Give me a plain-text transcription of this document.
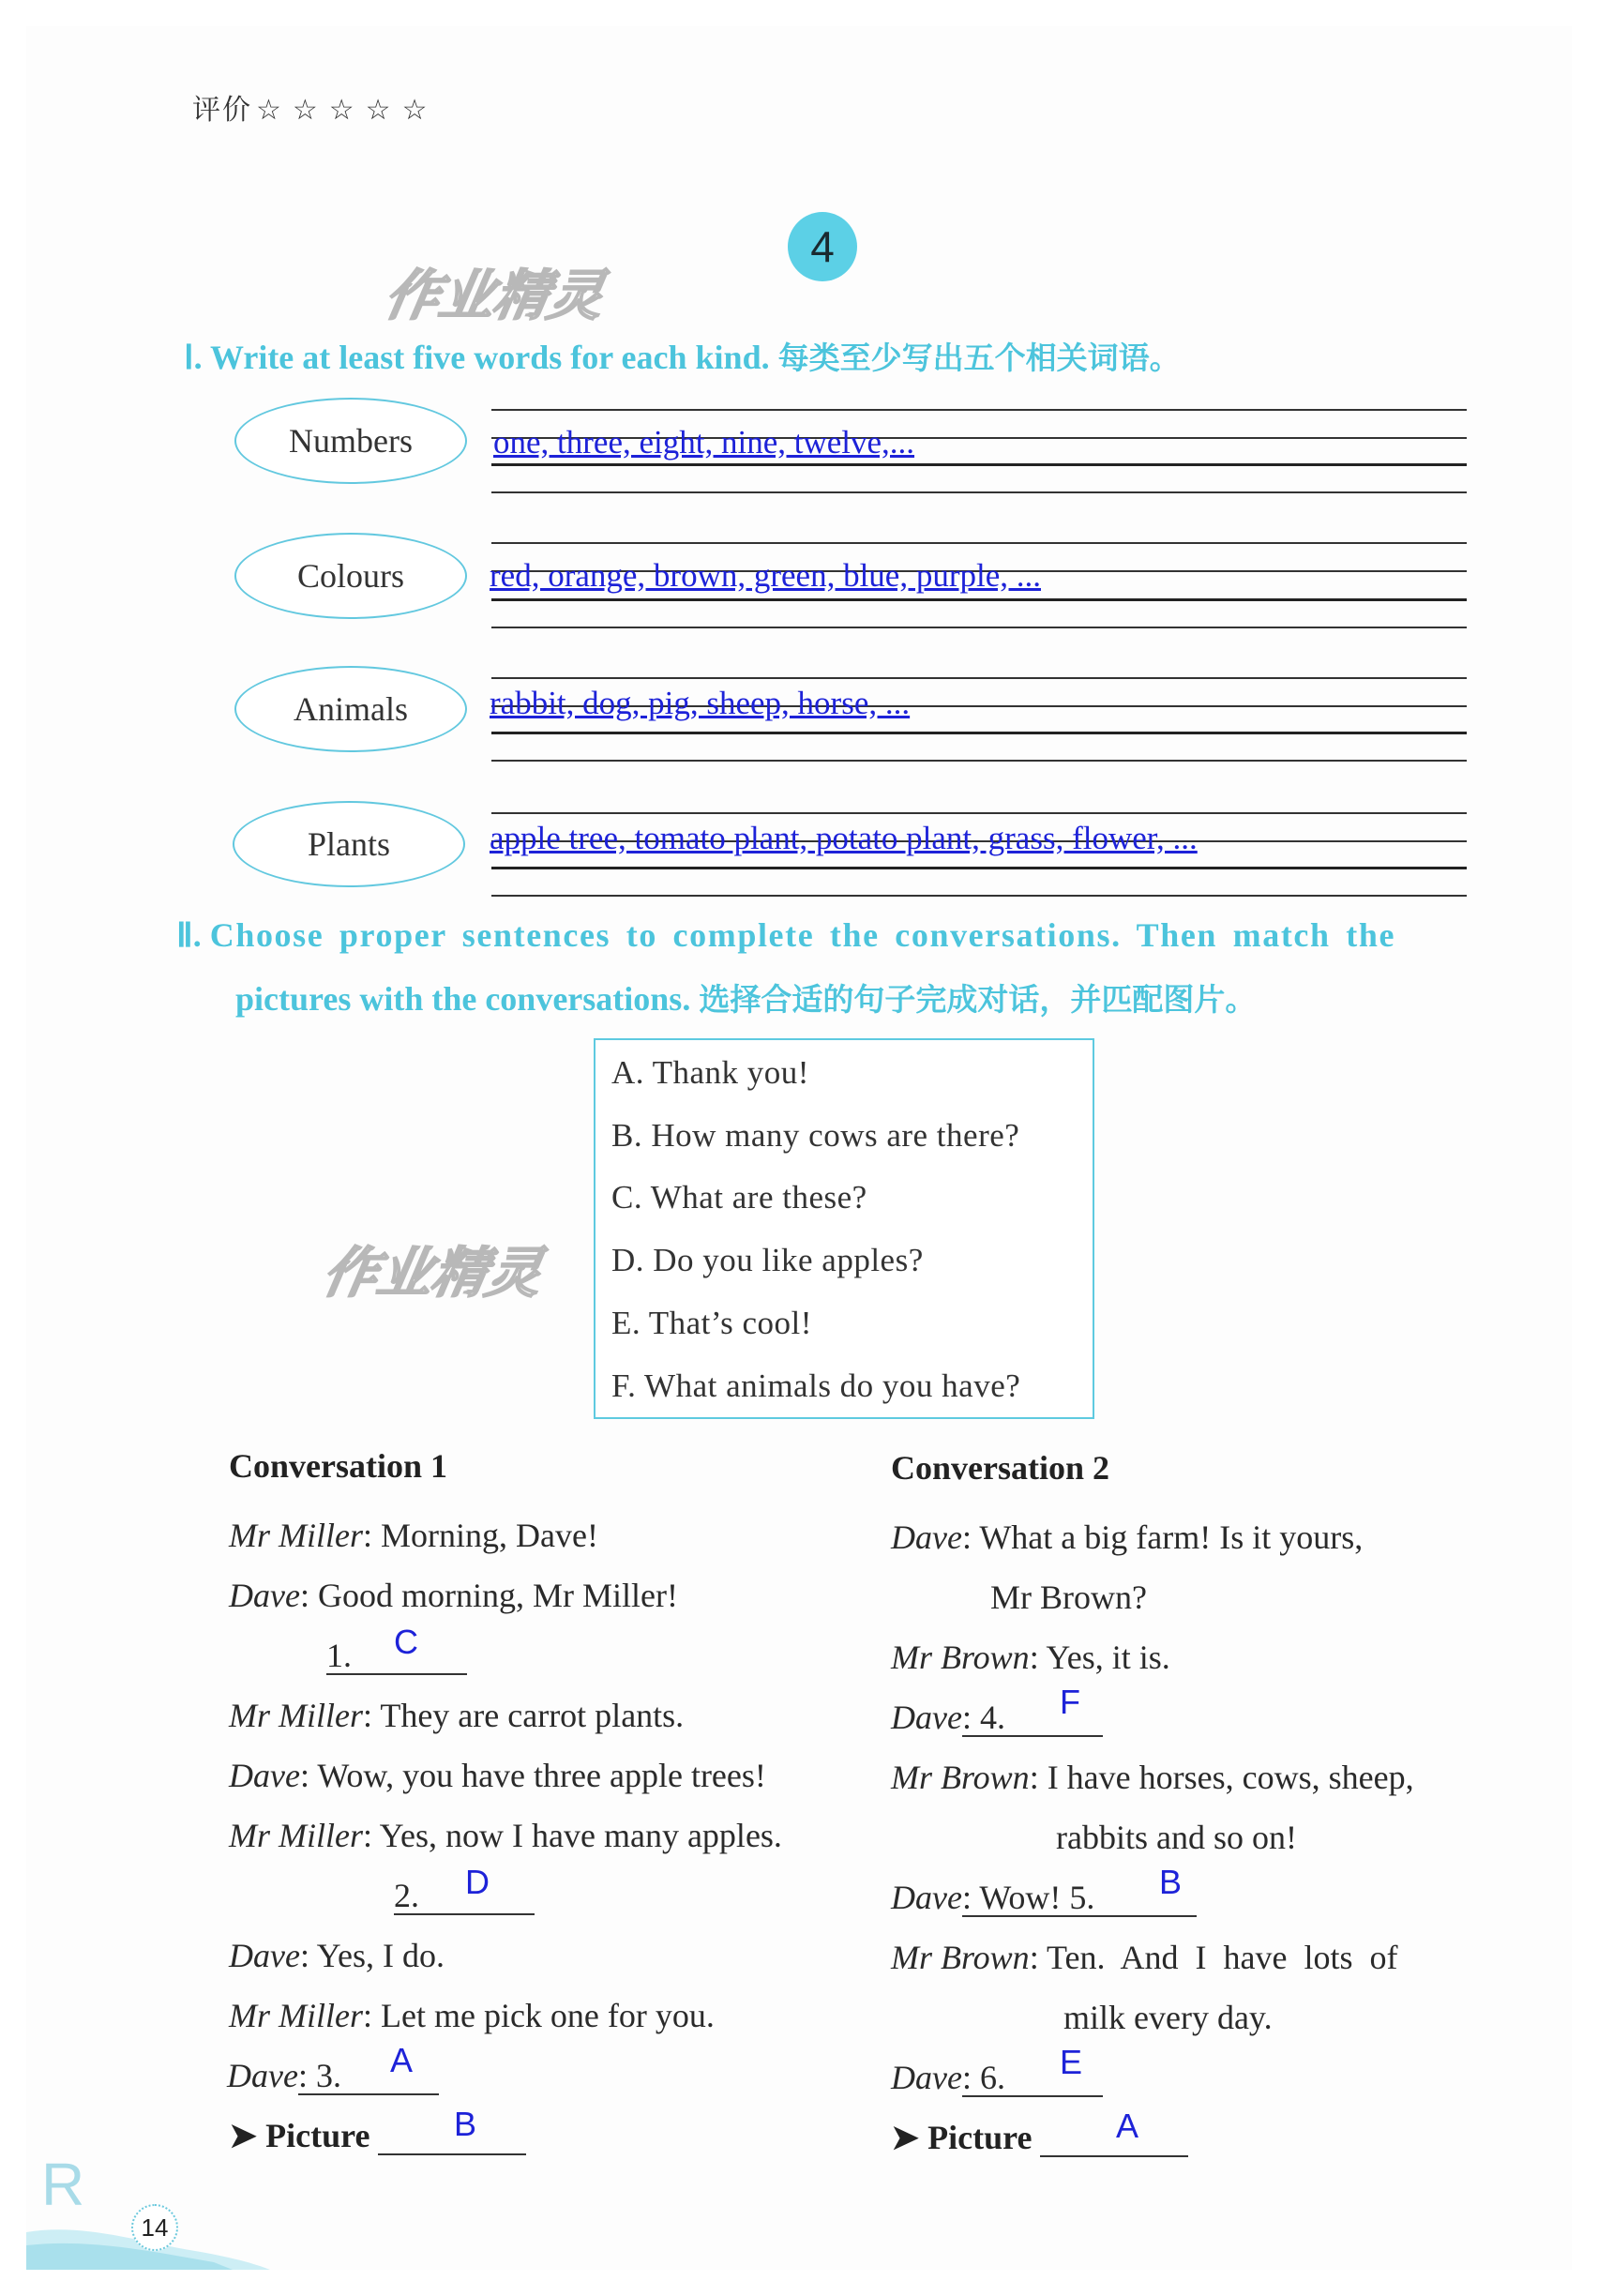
评价 ☆☆☆☆☆
4
作业精灵
作业精灵
Ⅰ. Write at least five words for each kind. 每类至少写出五个相关词语。
Numbers	one, three, eight, nine, twelve,...
Colours	red, orange, brown, green, blue, purple, ...
Animals	rabbit, dog, pig, sheep, horse, ...
Plants	apple tree, tomato plant, potato plant, grass, flower, ...
Ⅱ. Choose proper sentences to complete the conversations. Then match the
pictures with the conversations. 选择合适的句子完成对话，并匹配图片。
A. Thank you!
B. How many cows are there?
C. What are these?
D. Do you like apples?
E. That’s cool!
F. What animals do you have?
Conversation 1
Mr Miller: Morning, Dave!
Dave: Good morning, Mr Miller!
1.	C
Mr Miller: They are carrot plants.
Dave: Wow, you have three apple trees!
Mr Miller: Yes, now I have many apples.
2.	D
Dave: Yes, I do.
Mr Miller: Let me pick one for you.
Dave: 3.	A
➤ Picture	B
Conversation 2
Dave: What a big farm! Is it yours,
Mr Brown?
Mr Brown: Yes, it is.
Dave: 4.	F
Mr Brown: I have horses, cows, sheep,
rabbits and so on!
Dave: Wow! 5.	B
Mr Brown: Ten.  And  I  have  lots  of
milk every day.
Dave: 6.	E
➤ Picture	A
R
14
